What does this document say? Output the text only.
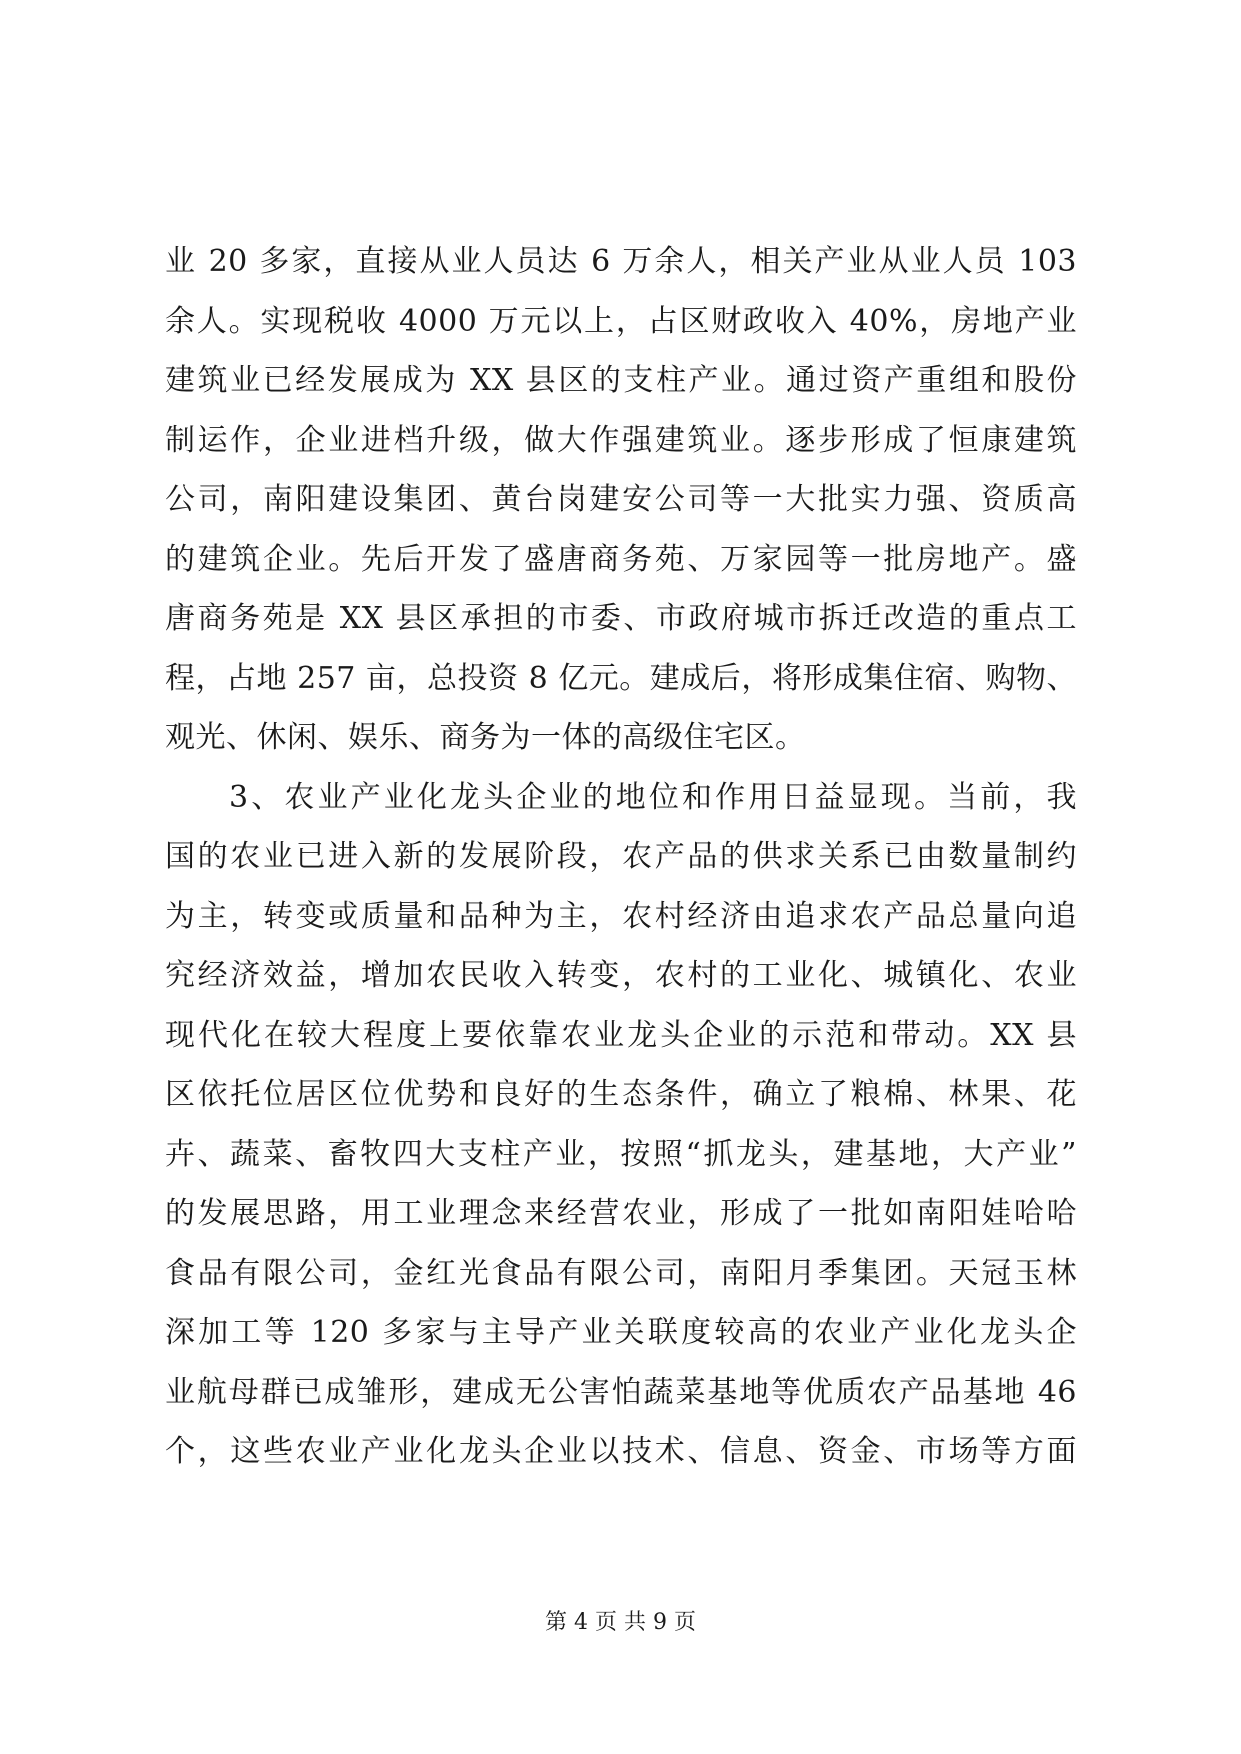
业 20 多家，直接从业人员达 6 万余人，相关产业从业人员 103
余人。实现税收 4000 万元以上，占区财政收入 40%，房地产业
建筑业已经发展成为 XX 县区的支柱产业。通过资产重组和股份
制运作，企业进档升级，做大作强建筑业。逐步形成了恒康建筑
公司，南阳建设集团、黄台岗建安公司等一大批实力强、资质高
的建筑企业。先后开发了盛唐商务苑、万家园等一批房地产。盛
唐商务苑是 XX 县区承担的市委、市政府城市拆迁改造的重点工
程，占地 257 亩，总投资 8 亿元。建成后，将形成集住宿、购物、
观光、休闲、娱乐、商务为一体的高级住宅区。
3、农业产业化龙头企业的地位和作用日益显现。当前，我
国的农业已进入新的发展阶段，农产品的供求关系已由数量制约
为主，转变或质量和品种为主，农村经济由追求农产品总量向追
究经济效益，增加农民收入转变，农村的工业化、城镇化、农业
现代化在较大程度上要依靠农业龙头企业的示范和带动。XX 县
区依托位居区位优势和良好的生态条件，确立了粮棉、林果、花
卉、蔬菜、畜牧四大支柱产业，按照“抓龙头，建基地，大产业”
的发展思路，用工业理念来经营农业，形成了一批如南阳娃哈哈
食品有限公司，金红光食品有限公司，南阳月季集团。天冠玉林
深加工等 120 多家与主导产业关联度较高的农业产业化龙头企
业航母群已成雏形，建成无公害怕蔬菜基地等优质农产品基地 46
个，这些农业产业化龙头企业以技术、信息、资金、市场等方面
第 4 页 共 9 页
